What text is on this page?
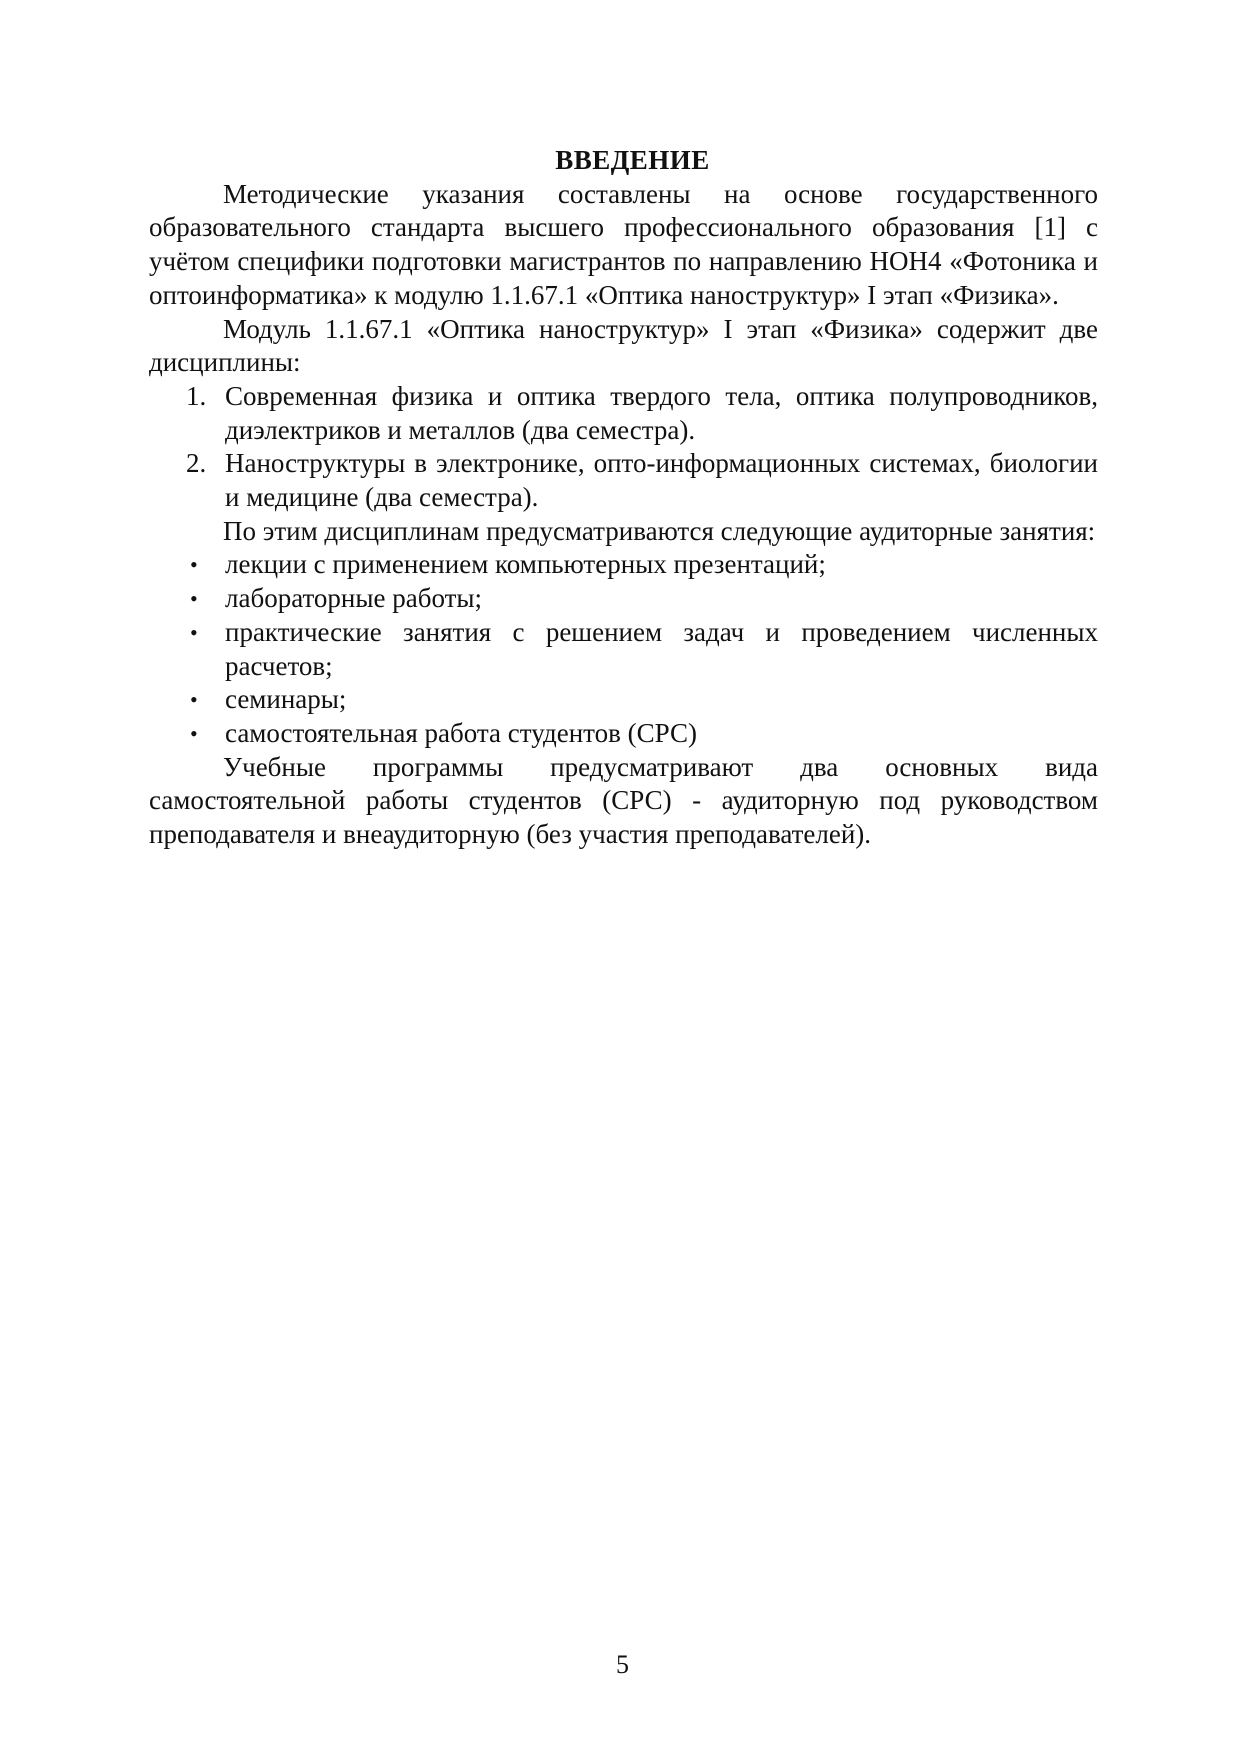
ВВЕДЕНИЕ

Методические указания составлены на основе государственного образовательного стандарта высшего профессионального образования [1] с учётом специфики подготовки магистрантов по направлению НОН4 «Фотоника и оптоинформатика» к модулю 1.1.67.1 «Оптика наноструктур» I этап «Физика».

Модуль 1.1.67.1 «Оптика наноструктур» I этап «Физика» содержит две дисциплины:

1. Современная физика и оптика твердого тела, оптика полупроводников, диэлектриков и металлов (два семестра).
2. Наноструктуры в электронике, опто-информационных системах, биологии и медицине (два семестра).

По этим дисциплинам предусматриваются следующие аудиторные занятия:

• лекции с применением компьютерных презентаций;
• лабораторные работы;
• практические занятия с решением задач и проведением численных расчетов;
• семинары;
• самостоятельная работа студентов (СРС)

Учебные программы предусматривают два основных вида самостоятельной работы студентов (СРС) - аудиторную под руководством преподавателя и внеаудиторную (без участия преподавателей).

5
